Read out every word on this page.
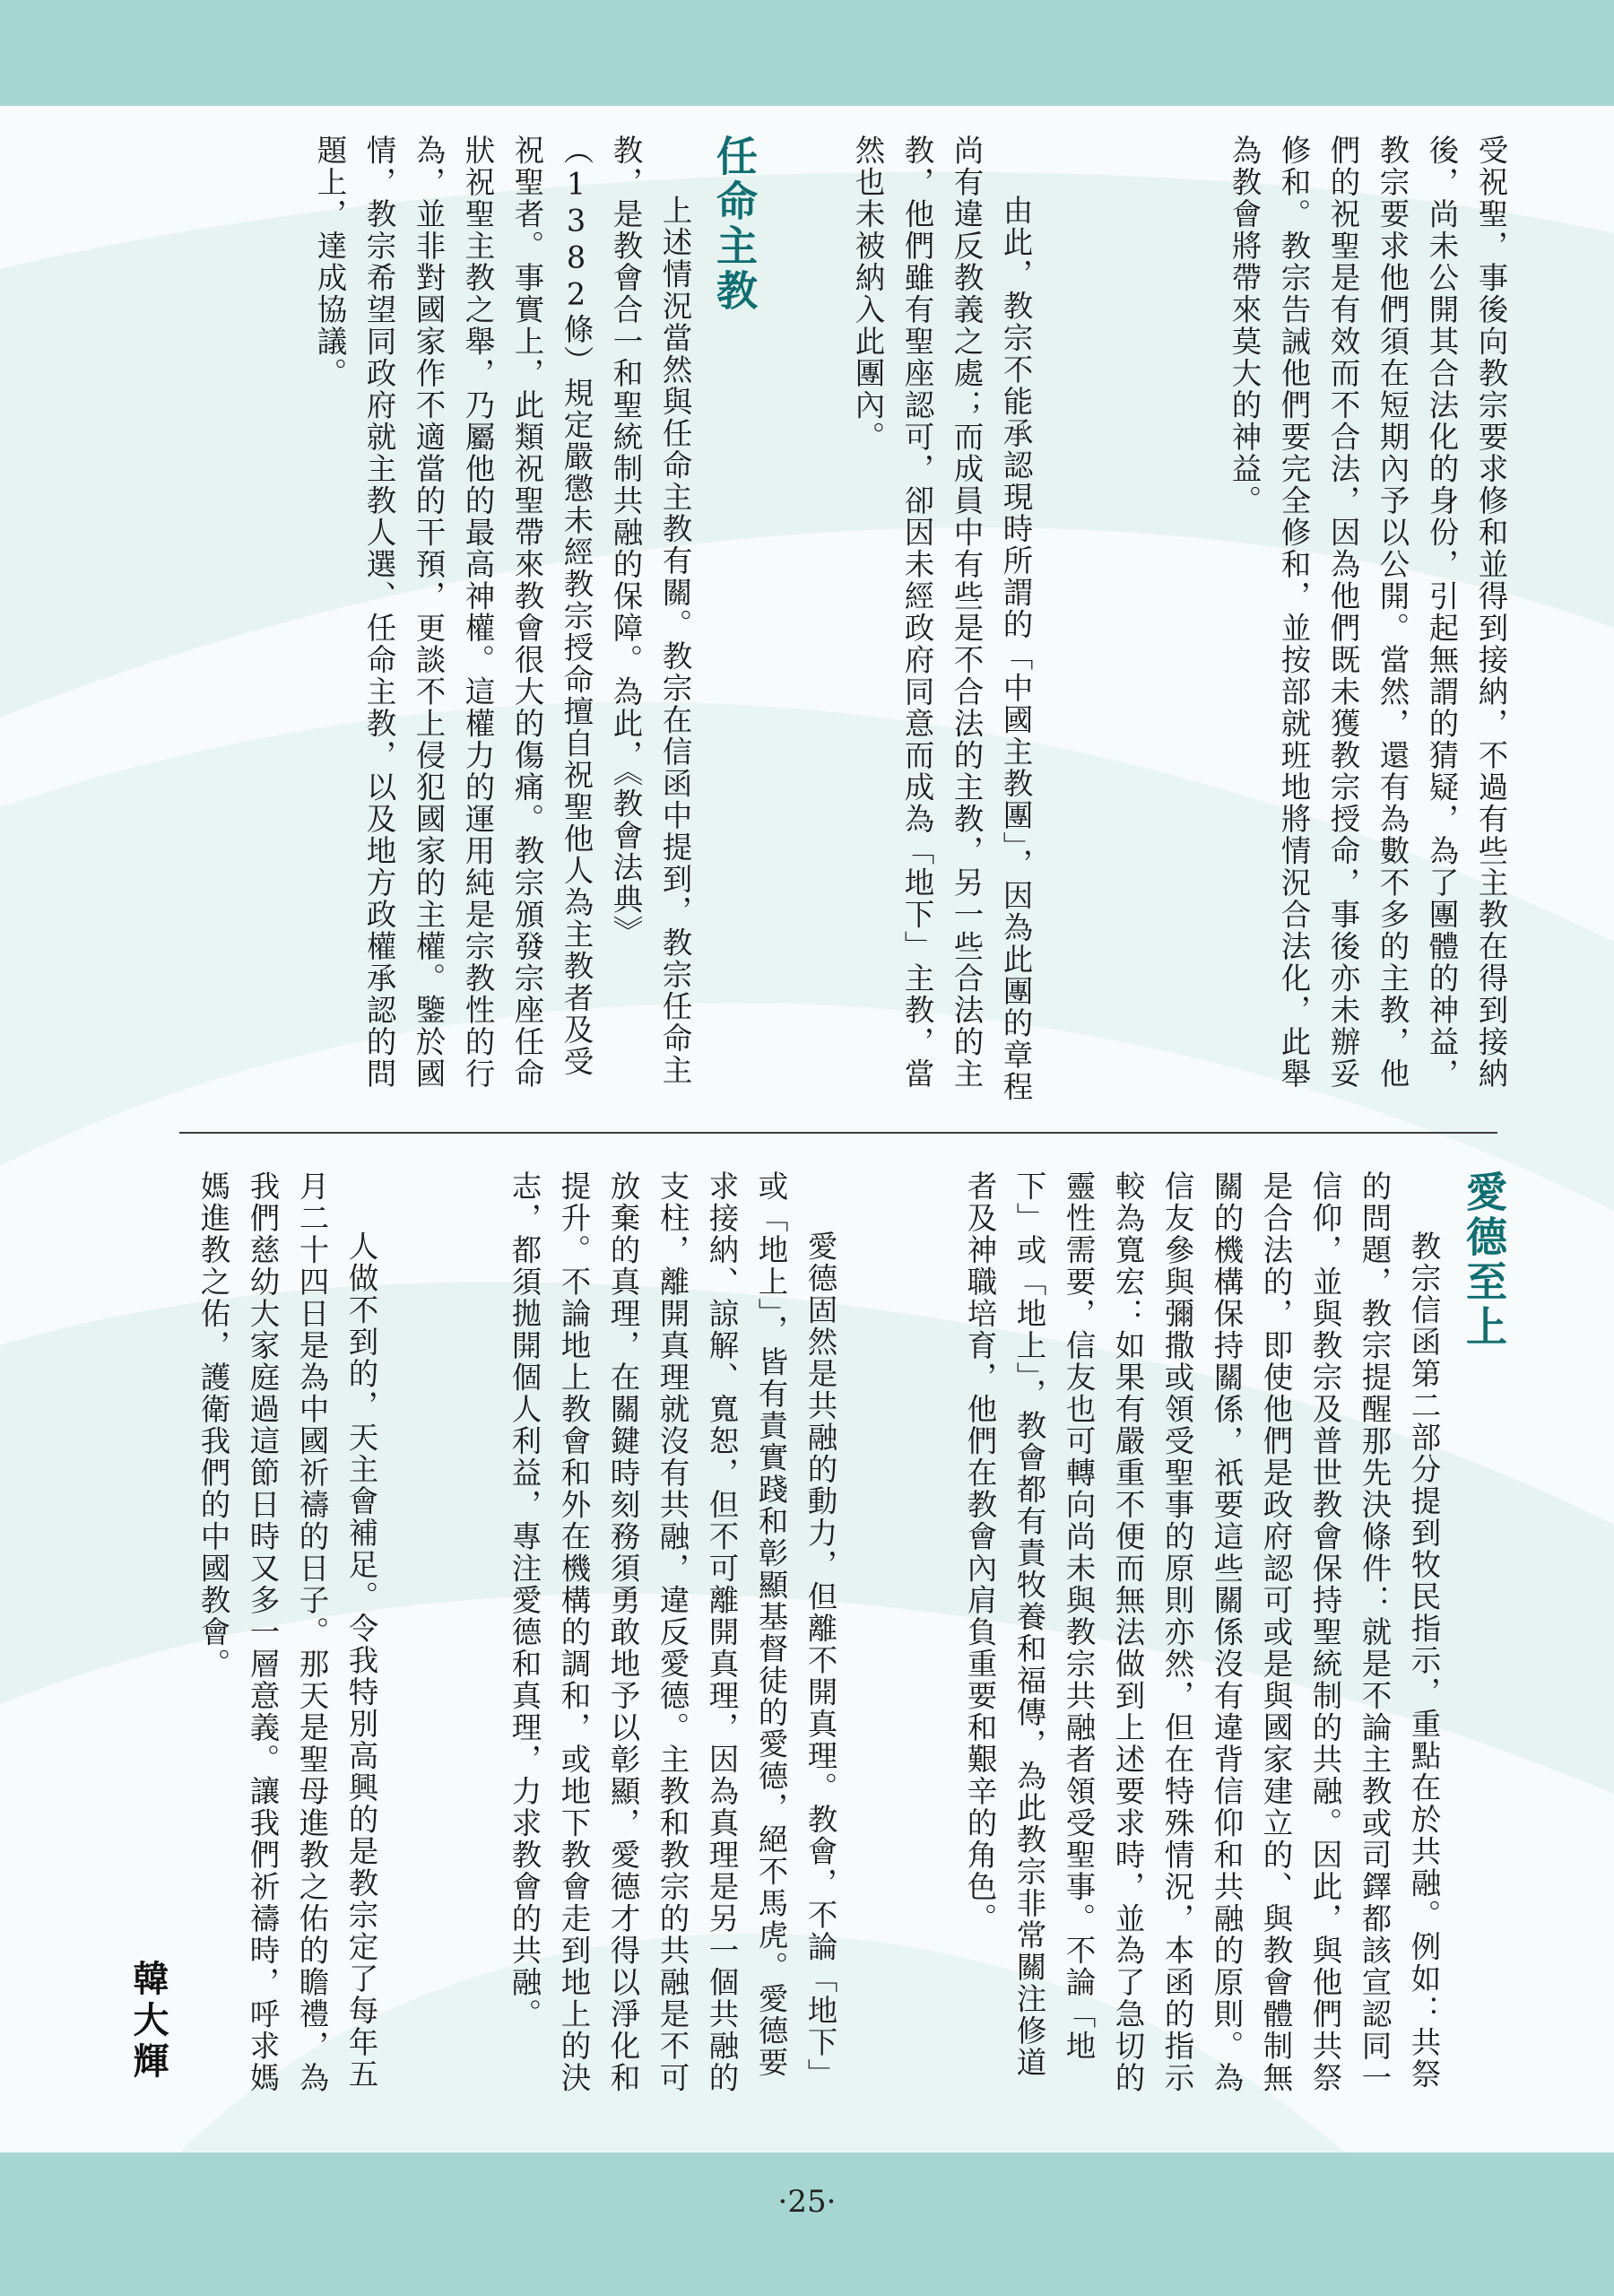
受祝聖，事後向教宗要求修和並得到接納，不過有些主教在得到接納後，尚未公開其合法化的身份，引起無謂的猜疑，為了團體的神益，教宗要求他們須在短期內予以公開。當然，還有為數不多的主教，他們的祝聖是有效而不合法，因為他們既未獲教宗授命，事後亦未辦妥修和。教宗告誡他們要完全修和，並按部就班地將情況合法化，此舉為教會將帶來莫大的神益。

由此，教宗不能承認現時所謂的「中國主教團」，因為此團的章程尚有違反教義之處；而成員中有些是不合法的主教，另一些合法的主教，他們雖有聖座認可，卻因未經政府同意而成為「地下」主教，當然也未被納入此團內。

任命主教

上述情況當然與任命主教有關。教宗在信函中提到，教宗任命主教，是教會合一和聖統制共融的保障。為此，《教會法典》（1382條）規定嚴懲未經教宗授命擅自祝聖他人為主教者及受祝聖者。事實上，此類祝聖帶來教會很大的傷痛。教宗頒發宗座任命狀祝聖主教之舉，乃屬他的最高神權。這權力的運用純是宗教性的行為，並非對國家作不適當的干預，更談不上侵犯國家的主權。鑒於國情，教宗希望同政府就主教人選、任命主教，以及地方政權承認的問題上，達成協議。

愛德至上

教宗信函第二部分提到牧民指示，重點在於共融。例如：共祭的問題，教宗提醒那先決條件：就是不論主教或司鐸都該宣認同一信仰，並與教宗及普世教會保持聖統制的共融。因此，與他們共祭是合法的，即使他們是政府認可或是與國家建立的、與教會體制無關的機構保持關係，祇要這些關係沒有違背信仰和共融的原則。為信友參與彌撒或領受聖事的原則亦然，但在特殊情況，本函的指示較為寬宏：如果有嚴重不便而無法做到上述要求時，並為了急切的靈性需要，信友也可轉向尚未與教宗共融者領受聖事。不論「地下」或「地上」，教會都有責牧養和福傳，為此教宗非常關注修道者及神職培育，他們在教會內肩負重要和艱辛的角色。

愛德固然是共融的動力，但離不開真理。教會，不論「地下」或「地上」，皆有責實踐和彰顯基督徒的愛德，絕不馬虎。愛德要求接納、諒解、寬恕，但不可離開真理，因為真理是另一個共融的支柱，離開真理就沒有共融，違反愛德。主教和教宗的共融是不可放棄的真理，在關鍵時刻務須勇敢地予以彰顯，愛德才得以淨化和提升。不論地上教會和外在機構的調和，或地下教會走到地上的決志，都須拋開個人利益，專注愛德和真理，力求教會的共融。

人做不到的，天主會補足。令我特別高興的是教宗定了每年五月二十四日是為中國祈禱的日子。那天是聖母進教之佑的瞻禮，為我們慈幼大家庭過這節日時又多一層意義。讓我們祈禱時，呼求媽媽進教之佑，護衛我們的中國教會。

韓大輝
·25·
